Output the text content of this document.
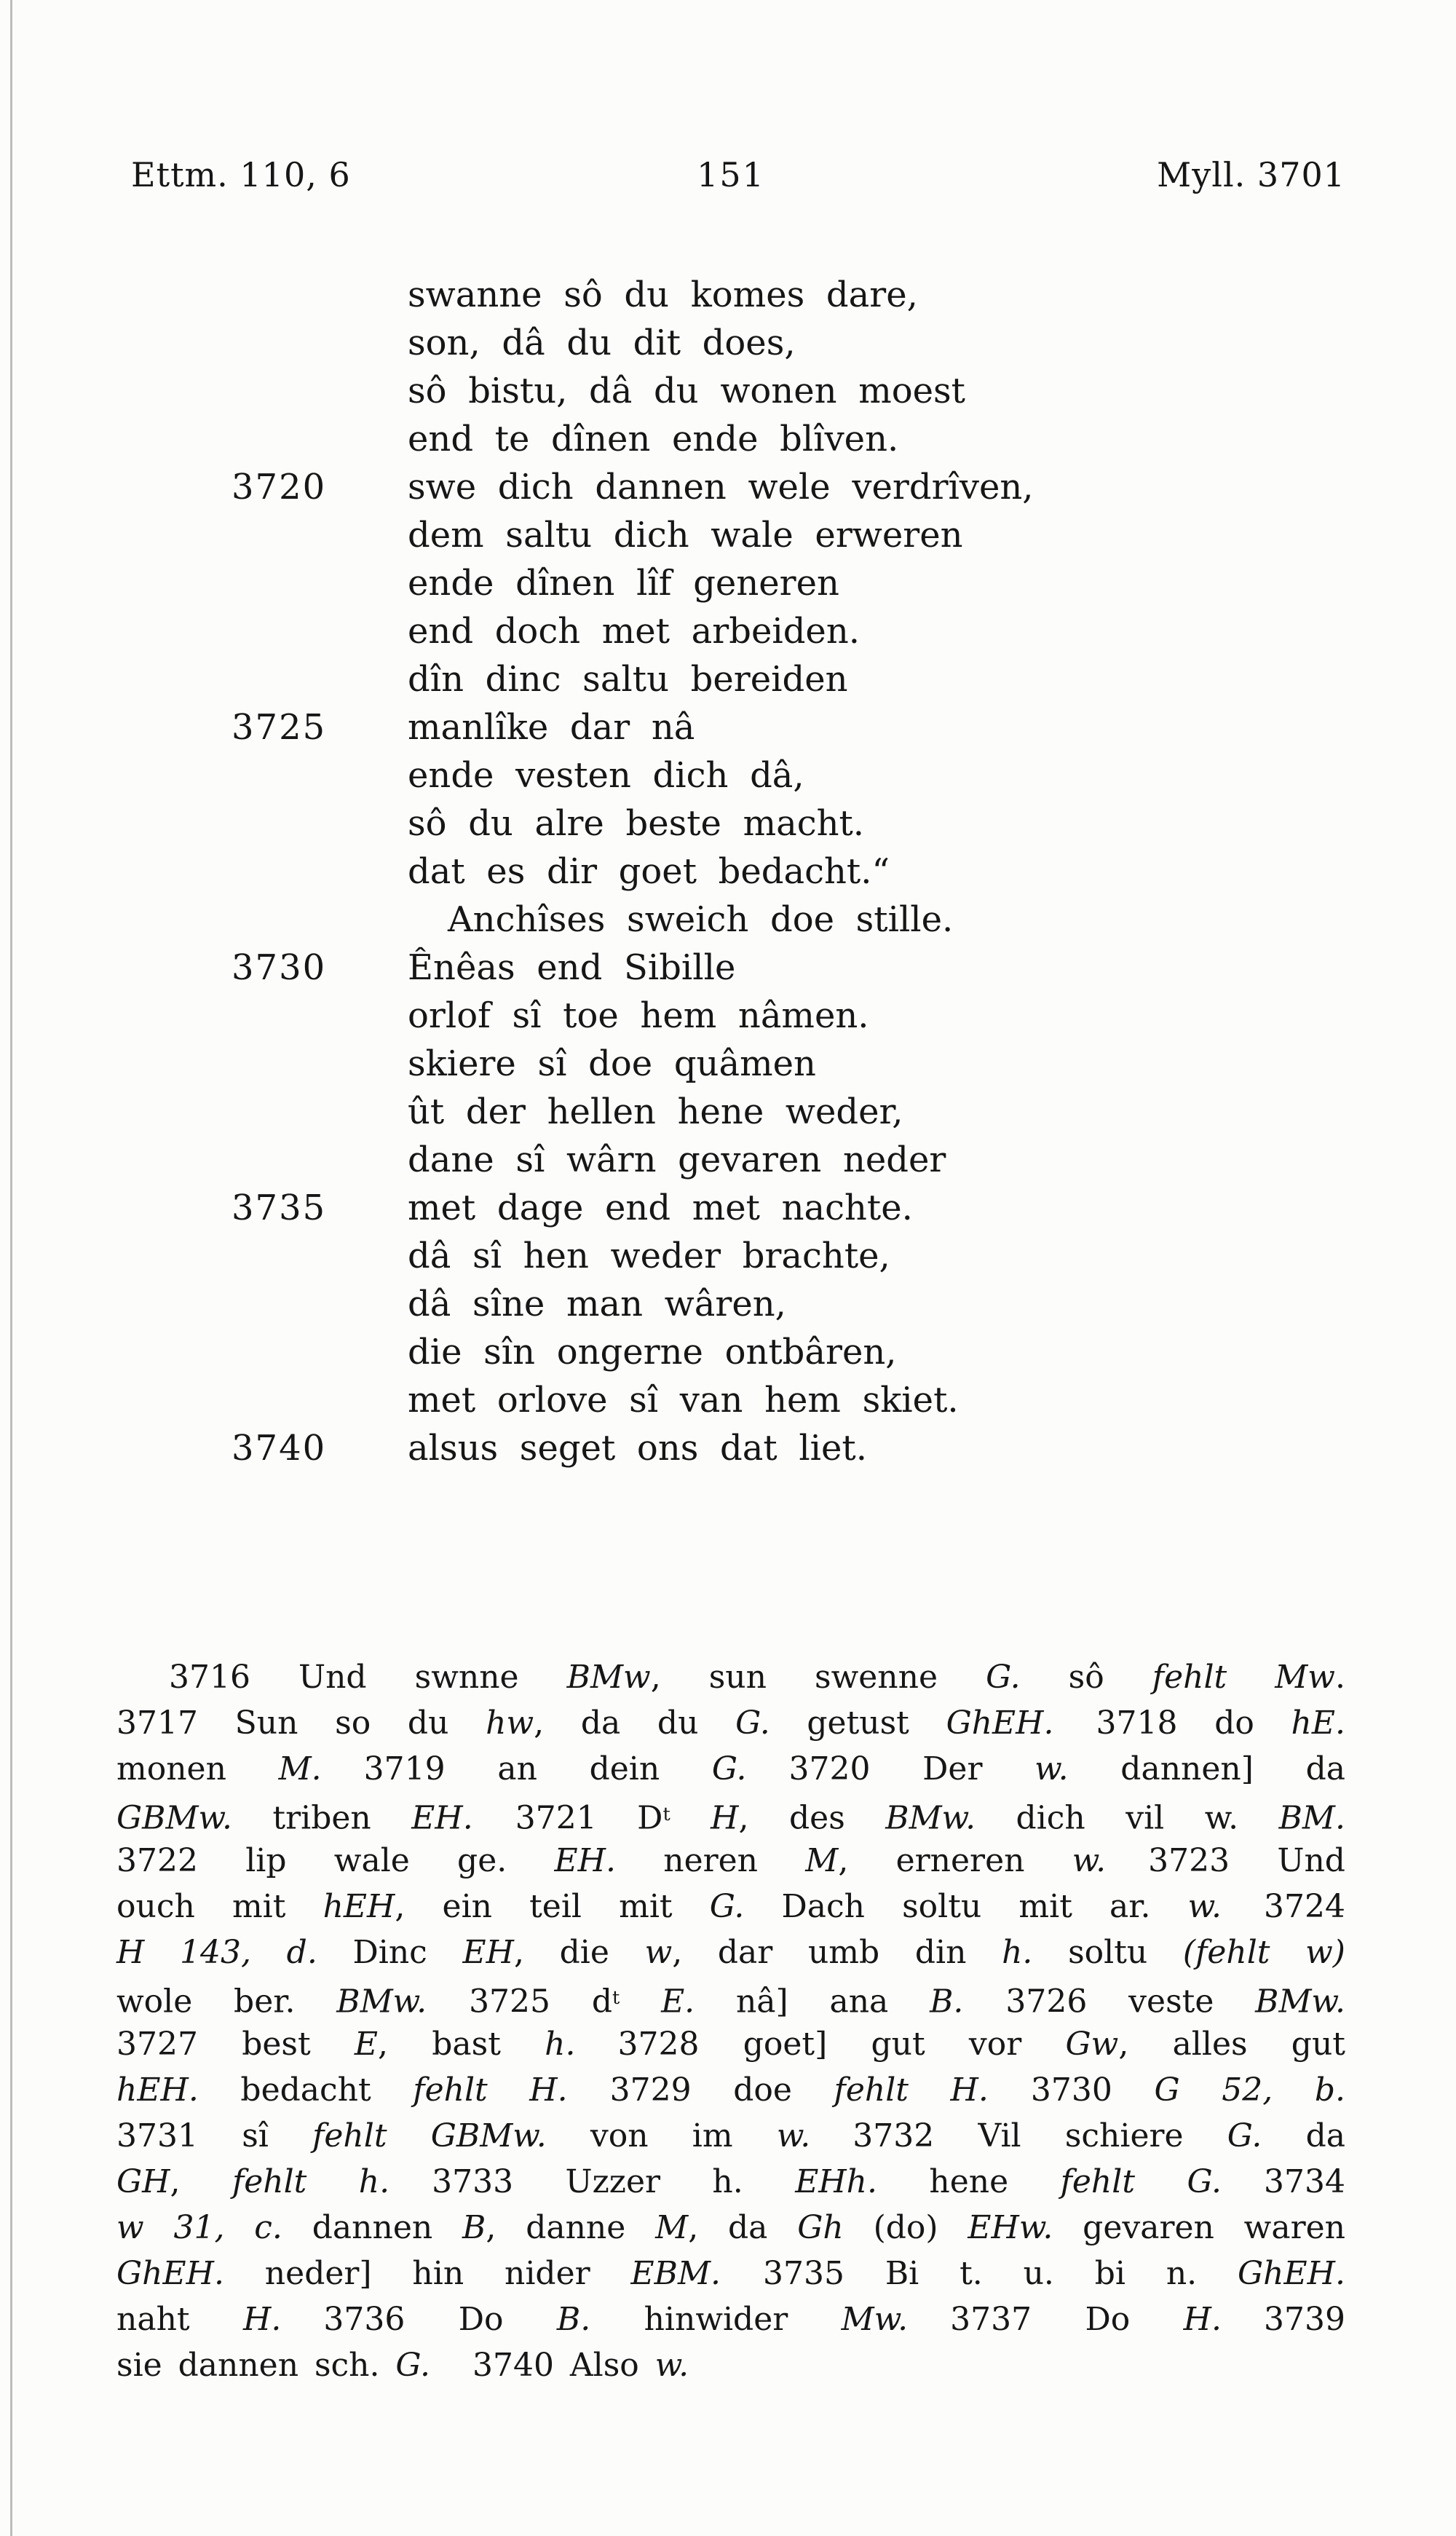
Ettm. 110, 6	151	Myll. 3701
swanne sô du komes dare,
son, dâ du dit does,
sô bistu, dâ du wonen moest
end te dînen ende blîven.
3720 swe dich dannen wele verdrîven,
dem saltu dich wale erweren
ende dînen lîf generen
end doch met arbeiden.
dîn dinc saltu bereiden
3725 manlîke dar nâ
ende vesten dich dâ,
sô du alre beste macht.
dat es dir goet bedacht.“
Anchîses sweich doe stille.
3730 Ênêas end Sibille
orlof sî toe hem nâmen.
skiere sî doe quâmen
ût der hellen hene weder,
dane sî wârn gevaren neder
3735 met dage end met nachte.
dâ sî hen weder brachte,
dâ sîne man wâren,
die sîn ongerne ontbâren,
met orlove sî van hem skiet.
3740 alsus seget ons dat liet.
3716 Und swnne BMw, sun swenne G. sô fehlt Mw.
3717 Sun so du hw, da du G. getust GhEH. 3718 do hE.
monen M. 3719 an dein G. 3720 Der w. dannen] da
GBMw. triben EH. 3721 $D^t$ H, des BMw. dich vil w. BM.
3722 lip wale ge. EH. neren M, erneren w. 3723 Und
ouch mit hEH, ein teil mit G. Dach soltu mit ar. w. 3724
H 143, d. Dinc EH, die w, dar umb din h. soltu (fehlt w)
wole ber. BMw. 3725 $d^t$ E. nâ] ana B. 3726 veste BMw.
3727 best E, bast h. 3728 goet] gut vor Gw, alles gut
hEH. bedacht fehlt H. 3729 doe fehlt H. 3730 G 52, b.
3731 sî fehlt GBMw. von im w. 3732 Vil schiere G. da
GH, fehlt h. 3733 Uzzer h. EHh. hene fehlt G. 3734
w 31, c. dannen B, danne M, da Gh (do) EHw. gevaren waren
GhEH. neder] hin nider EBM. 3735 Bi t. u. bi n. GhEH.
naht H. 3736 Do B. hinwider Mw. 3737 Do H. 3739
sie dannen sch. G. 3740 Also w.
